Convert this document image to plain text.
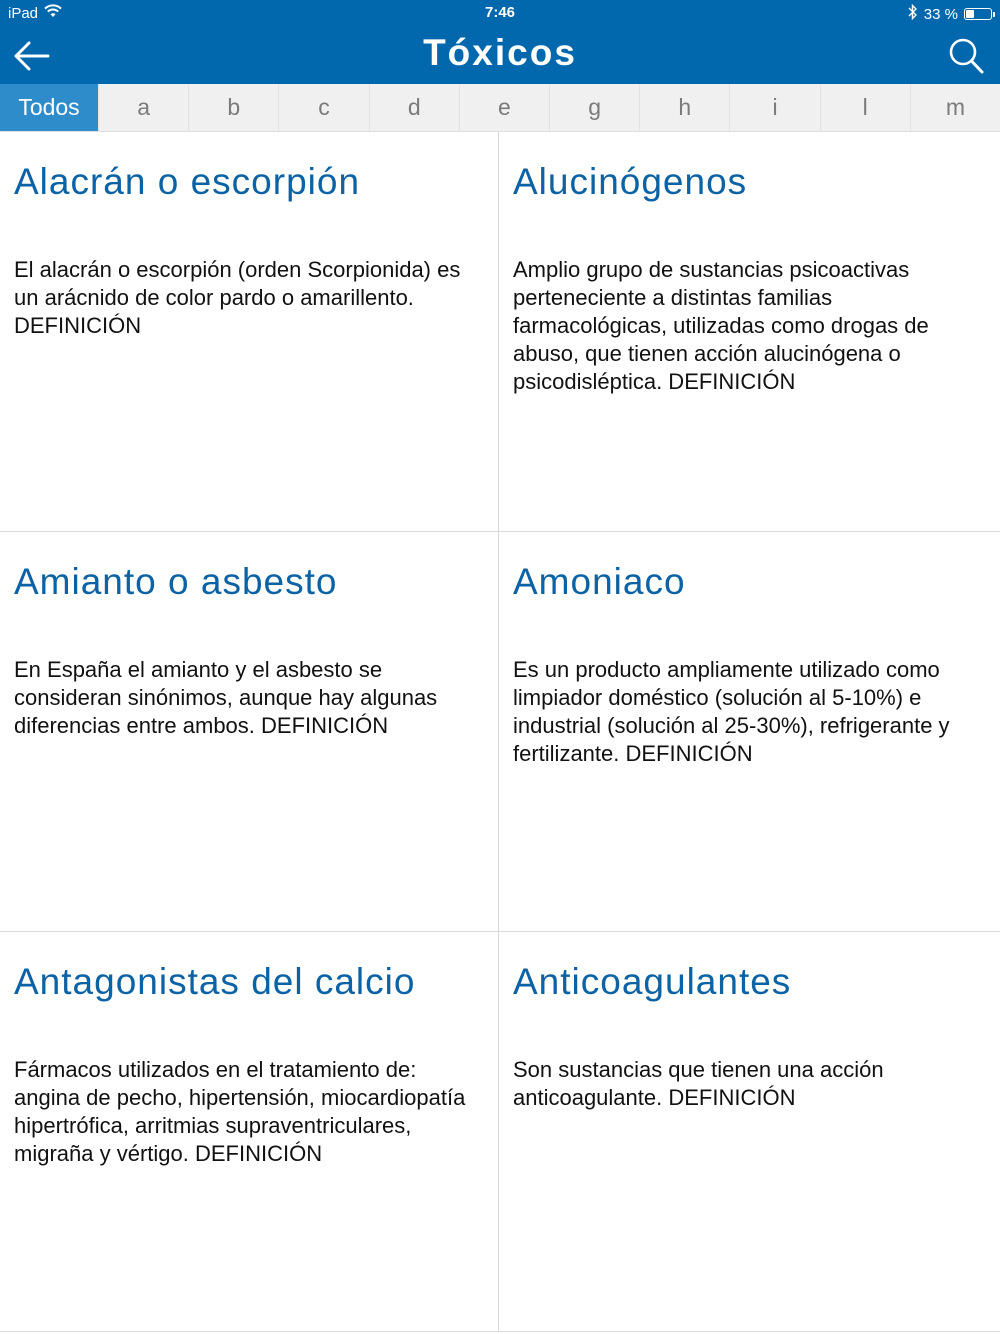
iPad	7:46	33 %
Tóxicos
Todos	a	b	c	d	e	g	h	i	l	m
Alacrán o escorpión

El alacrán o escorpión (orden Scorpionida) es un arácnido de color pardo o amarillento. DEFINICIÓN

Alucinógenos

Amplio grupo de sustancias psicoactivas perteneciente a distintas familias farmacológicas, utilizadas como drogas de abuso, que tienen acción alucinógena o psicodisléptica. DEFINICIÓN

Amianto o asbesto

En España el amianto y el asbesto se consideran sinónimos, aunque hay algunas diferencias entre ambos. DEFINICIÓN

Amoniaco

Es un producto ampliamente utilizado como limpiador doméstico (solución al 5-10%) e industrial (solución al 25-30%), refrigerante y fertilizante. DEFINICIÓN

Antagonistas del calcio

Fármacos utilizados en el tratamiento de: angina de pecho, hipertensión, miocardiopatía hipertrófica, arritmias supraventriculares, migraña y vértigo. DEFINICIÓN

Anticoagulantes

Son sustancias que tienen una acción anticoagulante. DEFINICIÓN
